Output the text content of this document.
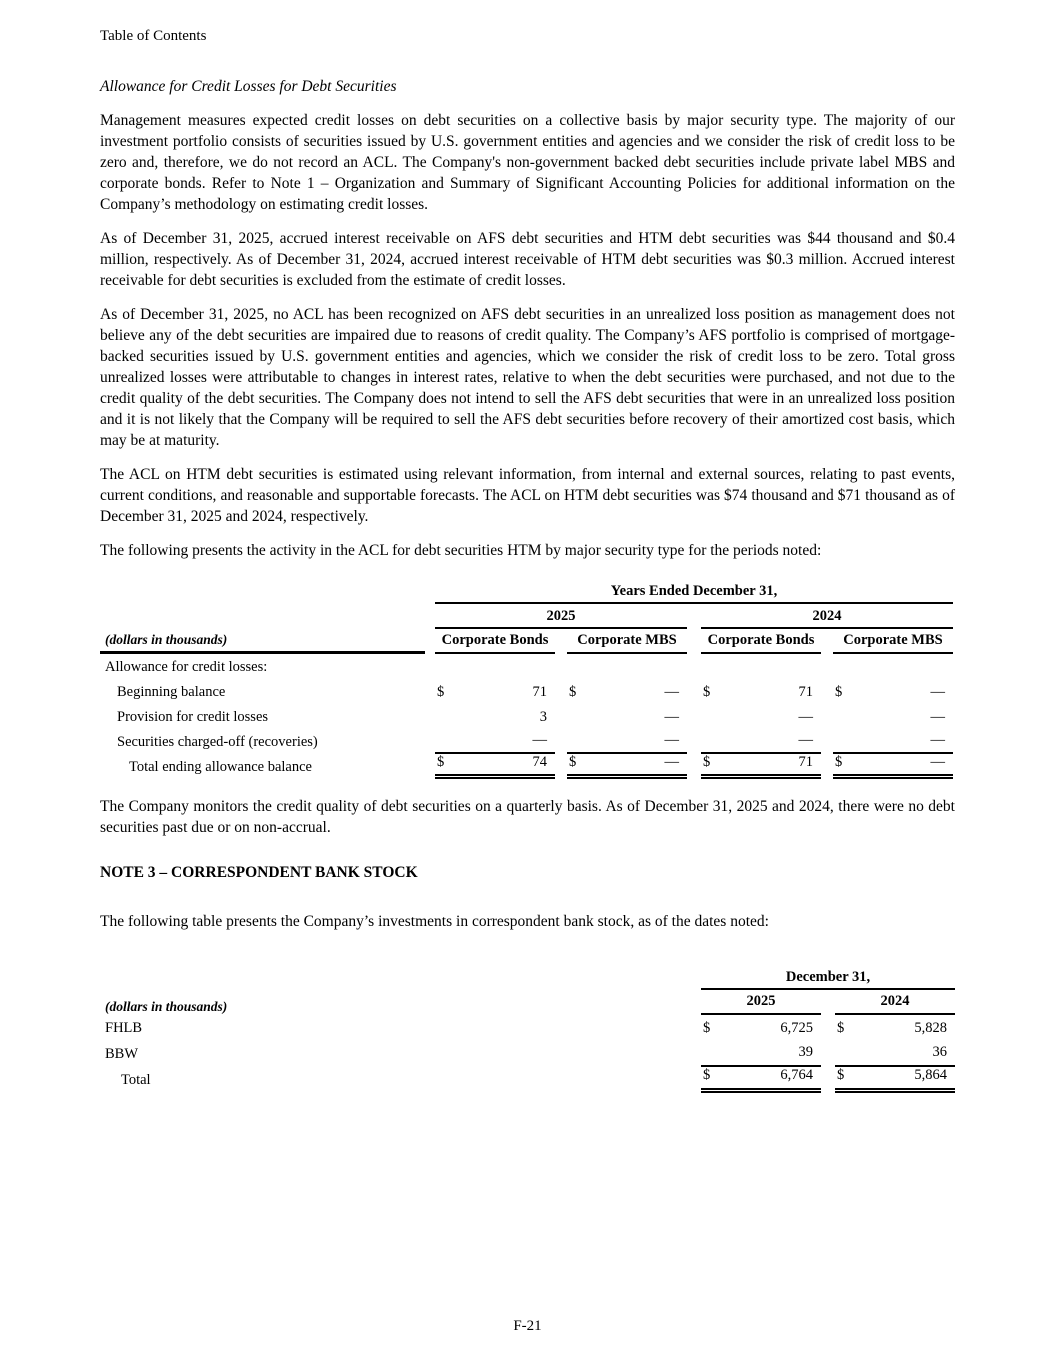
Table of Contents
Allowance for Credit Losses for Debt Securities

Management measures expected credit losses on debt securities on a collective basis by major security type. The majority of our investment portfolio consists of securities issued by U.S. government entities and agencies and we consider the risk of credit loss to be zero and, therefore, we do not record an ACL. The Company's non-government backed debt securities include private label MBS and corporate bonds. Refer to Note 1 – Organization and Summary of Significant Accounting Policies for additional information on the Company’s methodology on estimating credit losses.

As of December 31, 2025, accrued interest receivable on AFS debt securities and HTM debt securities was $44 thousand and $0.4 million, respectively. As of December 31, 2024, accrued interest receivable of HTM debt securities was $0.3 million. Accrued interest receivable for debt securities is excluded from the estimate of credit losses.

As of December 31, 2025, no ACL has been recognized on AFS debt securities in an unrealized loss position as management does not believe any of the debt securities are impaired due to reasons of credit quality. The Company’s AFS portfolio is comprised of mortgage-backed securities issued by U.S. government entities and agencies, which we consider the risk of credit loss to be zero. Total gross unrealized losses were attributable to changes in interest rates, relative to when the debt securities were purchased, and not due to the credit quality of the debt securities. The Company does not intend to sell the AFS debt securities that were in an unrealized loss position and it is not likely that the Company will be required to sell the AFS debt securities before recovery of their amortized cost basis, which may be at maturity.

The ACL on HTM debt securities is estimated using relevant information, from internal and external sources, relating to past events, current conditions, and reasonable and supportable forecasts. The ACL on HTM debt securities was $74 thousand and $71 thousand as of December 31, 2025 and 2024, respectively.

The following presents the activity in the ACL for debt securities HTM by major security type for the periods noted:

Years Ended December 31,
2025	2024
(dollars in thousands)	Corporate Bonds	Corporate MBS	Corporate Bonds	Corporate MBS
Allowance for credit losses:
Beginning balance	$	71	$	—	$	71	$	—
Provision for credit losses	3	—	—	—
Securities charged-off (recoveries)	—	—	—	—
Total ending allowance balance	$	74	$	—	$	71	$	—

The Company monitors the credit quality of debt securities on a quarterly basis. As of December 31, 2025 and 2024, there were no debt securities past due or on non-accrual.

NOTE 3 – CORRESPONDENT BANK STOCK

The following table presents the Company’s investments in correspondent bank stock, as of the dates noted:

December 31,
(dollars in thousands)	2025	2024
FHLB	$	6,725	$	5,828
BBW	39	36
Total	$	6,764	$	5,864
F-21
